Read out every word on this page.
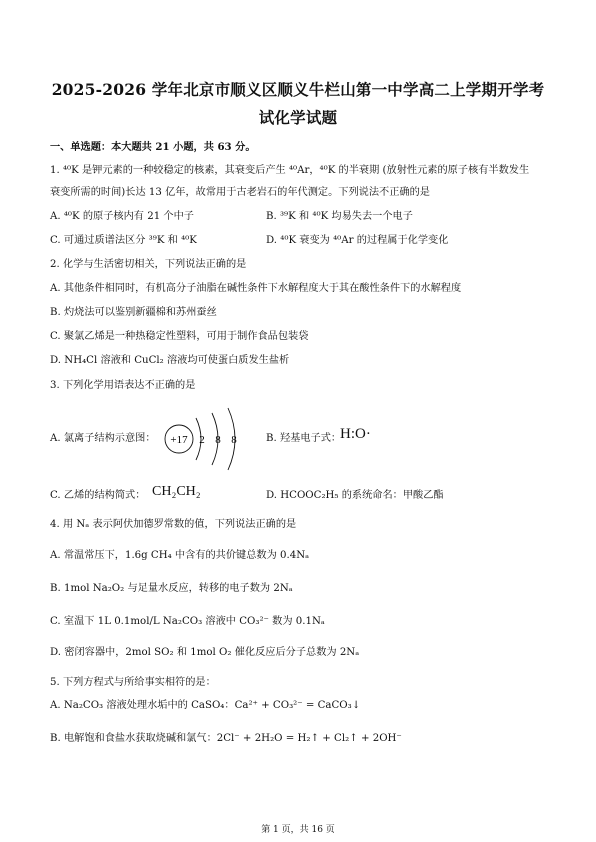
2025-2026 学年北京市顺义区顺义牛栏山第一中学高二上学期开学考
试化学试题
一、单选题：本大题共 21 小题，共 63 分。
1. ⁴⁰K 是钾元素的一种较稳定的核素，其衰变后产生 ⁴⁰Ar，⁴⁰K 的半衰期 (放射性元素的原子核有半数发生
衰变所需的时间)长达 13 亿年，故常用于古老岩石的年代测定。下列说法不正确的是
A. ⁴⁰K 的原子核内有 21 个中子	B. ³⁹K 和 ⁴⁰K 均易失去一个电子
C. 可通过质谱法区分 ³⁹K 和 ⁴⁰K	D. ⁴⁰K 衰变为 ⁴⁰Ar 的过程属于化学变化
2. 化学与生活密切相关，下列说法正确的是
A. 其他条件相同时，有机高分子油脂在碱性条件下水解程度大于其在酸性条件下的水解程度
B. 灼烧法可以鉴别新疆棉和苏州蚕丝
C. 聚氯乙烯是一种热稳定性塑料，可用于制作食品包装袋
D. NH₄Cl 溶液和 CuCl₂ 溶液均可使蛋白质发生盐析
3. 下列化学用语表达不正确的是
A. 氯离子结构示意图： +17 2 8 8	B. 羟基电子式：
H:O·
C. 乙烯的结构简式： CH₂CH₂	D. HCOOC₂H₅ 的系统命名：甲酸乙酯
4. 用 Nₐ 表示阿伏加德罗常数的值，下列说法正确的是
A. 常温常压下，1.6g CH₄ 中含有的共价键总数为 0.4Nₐ
B. 1mol Na₂O₂ 与足量水反应，转移的电子数为 2Nₐ
C. 室温下 1L 0.1mol/L Na₂CO₃ 溶液中 CO₃²⁻ 数为 0.1Nₐ
D. 密闭容器中，2mol SO₂ 和 1mol O₂ 催化反应后分子总数为 2Nₐ
5. 下列方程式与所给事实相符的是：
A. Na₂CO₃ 溶液处理水垢中的 CaSO₄：Ca²⁺ + CO₃²⁻ = CaCO₃↓
B. 电解饱和食盐水获取烧碱和氯气：2Cl⁻ + 2H₂O = H₂↑ + Cl₂↑ + 2OH⁻
第 1 页，共 16 页
